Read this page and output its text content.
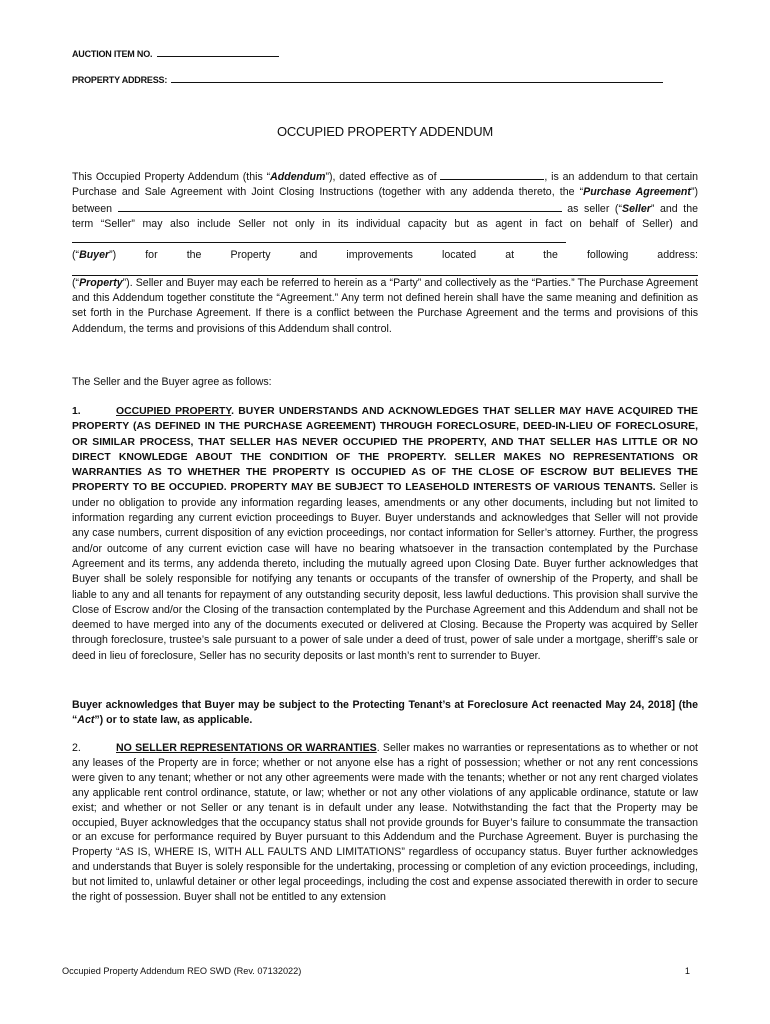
AUCTION ITEM NO.
PROPERTY ADDRESS:
OCCUPIED PROPERTY ADDENDUM
This Occupied Property Addendum (this “Addendum”), dated effective as of	, is an addendum to that certain Purchase and Sale Agreement with Joint Closing Instructions (together with any addenda thereto, the “Purchase Agreement”) between	as seller (“Seller” and the term “Seller” may also include Seller not only in its individual capacity but as agent in fact on behalf of Seller) and
(“Buyer”)	for	the	Property	and	improvements	located	at	the	following	address:
(“Property”). Seller and Buyer may each be referred to herein as a “Party” and collectively as the “Parties.” The Purchase Agreement and this Addendum together constitute the “Agreement.” Any term not defined herein shall have the same meaning and definition as set forth in the Purchase Agreement. If there is a conflict between the Purchase Agreement and the terms and provisions of this Addendum, the terms and provisions of this Addendum shall control.
The Seller and the Buyer agree as follows:
1.	OCCUPIED PROPERTY. BUYER UNDERSTANDS AND ACKNOWLEDGES THAT SELLER MAY HAVE ACQUIRED THE PROPERTY (AS DEFINED IN THE PURCHASE AGREEMENT) THROUGH FORECLOSURE, DEED-IN-LIEU OF FORECLOSURE, OR SIMILAR PROCESS, THAT SELLER HAS NEVER OCCUPIED THE PROPERTY, AND THAT SELLER HAS LITTLE OR NO DIRECT KNOWLEDGE ABOUT THE CONDITION OF THE PROPERTY. SELLER MAKES NO REPRESENTATIONS OR WARRANTIES AS TO WHETHER THE PROPERTY IS OCCUPIED AS OF THE CLOSE OF ESCROW BUT BELIEVES THE PROPERTY TO BE OCCUPIED. PROPERTY MAY BE SUBJECT TO LEASEHOLD INTERESTS OF VARIOUS TENANTS. Seller is under no obligation to provide any information regarding leases, amendments or any other documents, including but not limited to information regarding any current eviction proceedings to Buyer. Buyer understands and acknowledges that Seller will not provide any case numbers, current disposition of any eviction proceedings, nor contact information for Seller’s attorney. Further, the progress and/or outcome of any current eviction case will have no bearing whatsoever in the transaction contemplated by the Purchase Agreement and its terms, any addenda thereto, including the mutually agreed upon Closing Date. Buyer further acknowledges that Buyer shall be solely responsible for notifying any tenants or occupants of the transfer of ownership of the Property, and shall be liable to any and all tenants for repayment of any outstanding security deposit, less lawful deductions. This provision shall survive the Close of Escrow and/or the Closing of the transaction contemplated by the Purchase Agreement and this Addendum and shall not be deemed to have merged into any of the documents executed or delivered at Closing. Because the Property was acquired by Seller through foreclosure, trustee’s sale pursuant to a power of sale under a deed of trust, power of sale under a mortgage, sheriff’s sale or deed in lieu of foreclosure, Seller has no security deposits or last month’s rent to surrender to Buyer.
Buyer acknowledges that Buyer may be subject to the Protecting Tenant’s at Foreclosure Act reenacted May 24, 2018] (the “Act”) or to state law, as applicable.
2.	NO SELLER REPRESENTATIONS OR WARRANTIES. Seller makes no warranties or representations as to whether or not any leases of the Property are in force; whether or not anyone else has a right of possession; whether or not any rent concessions were given to any tenant; whether or not any other agreements were made with the tenants; whether or not any rent charged violates any applicable rent control ordinance, statute, or law; whether or not any other violations of any applicable ordinance, statute or law exist; and whether or not Seller or any tenant is in default under any lease. Notwithstanding the fact that the Property may be occupied, Buyer acknowledges that the occupancy status shall not provide grounds for Buyer’s failure to consummate the transaction or an excuse for performance required by Buyer pursuant to this Addendum and the Purchase Agreement. Buyer is purchasing the Property “AS IS, WHERE IS, WITH ALL FAULTS AND LIMITATIONS” regardless of occupancy status. Buyer further acknowledges and understands that Buyer is solely responsible for the undertaking, processing or completion of any eviction proceedings, including, but not limited to, unlawful detainer or other legal proceedings, including the cost and expense associated therewith in order to secure the right of possession. Buyer shall not be entitled to any extension
Occupied Property Addendum REO SWD (Rev. 07132022)	1
